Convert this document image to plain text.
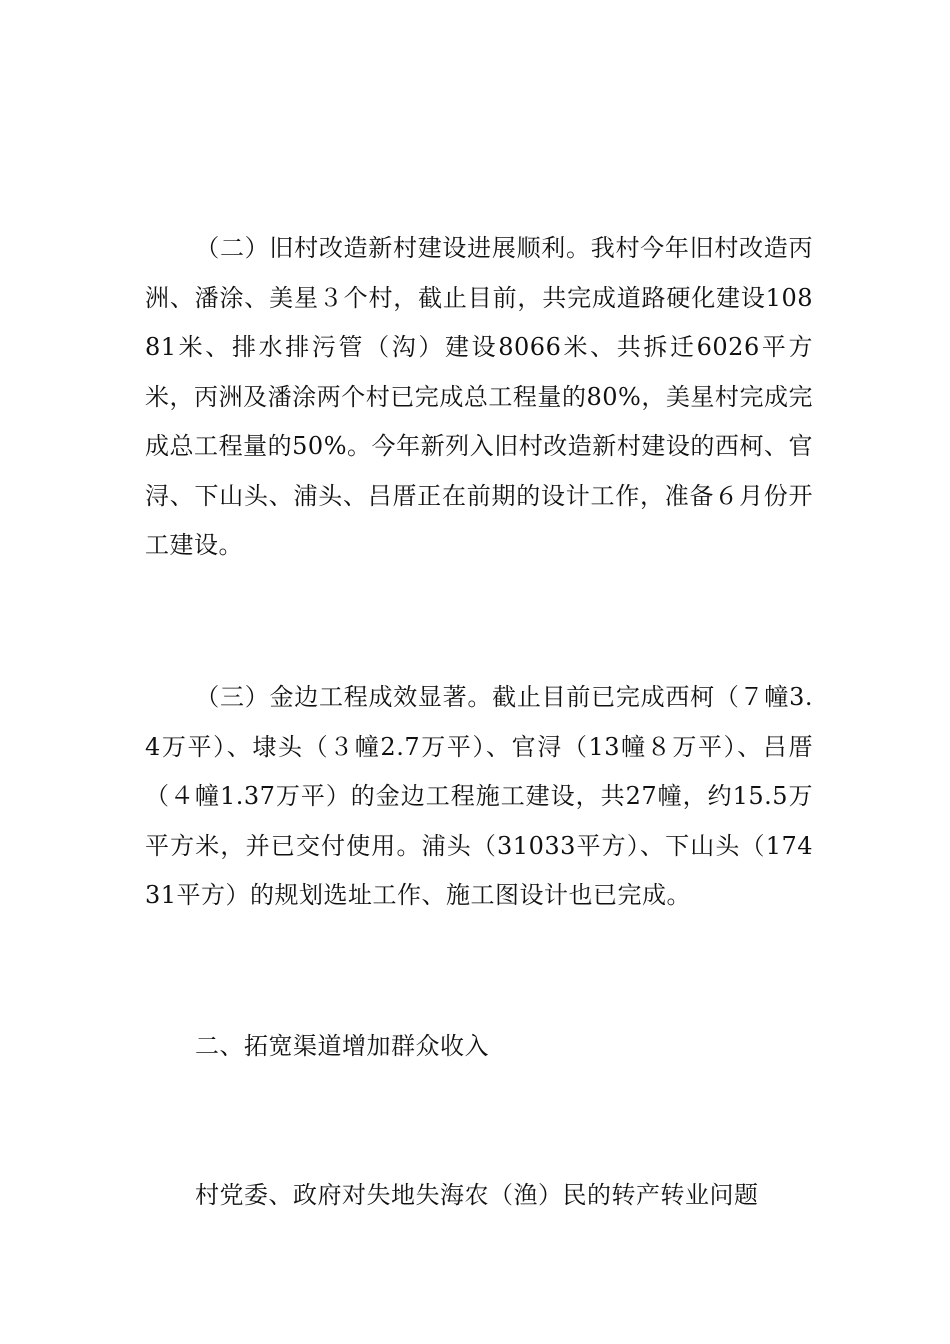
（二）旧村改造新村建设进展顺利。我村今年旧村改造丙洲、潘涂、美星３个村，截止目前，共完成道路硬化建设10881米、排水排污管（沟）建设8066米、共拆迁6026平方米，丙洲及潘涂两个村已完成总工程量的80%，美星村完成完成总工程量的50%。今年新列入旧村改造新村建设的西柯、官浔、下山头、浦头、吕厝正在前期的设计工作，准备６月份开工建设。

（三）金边工程成效显著。截止目前已完成西柯（７幢3.4万平）、埭头（３幢2.7万平）、官浔（13幢８万平）、吕厝（４幢1.37万平）的金边工程施工建设，共27幢，约15.5万平方米，并已交付使用。浦头（31033平方）、下山头（17431平方）的规划选址工作、施工图设计也已完成。

二、拓宽渠道增加群众收入

村党委、政府对失地失海农（渔）民的转产转业问题
